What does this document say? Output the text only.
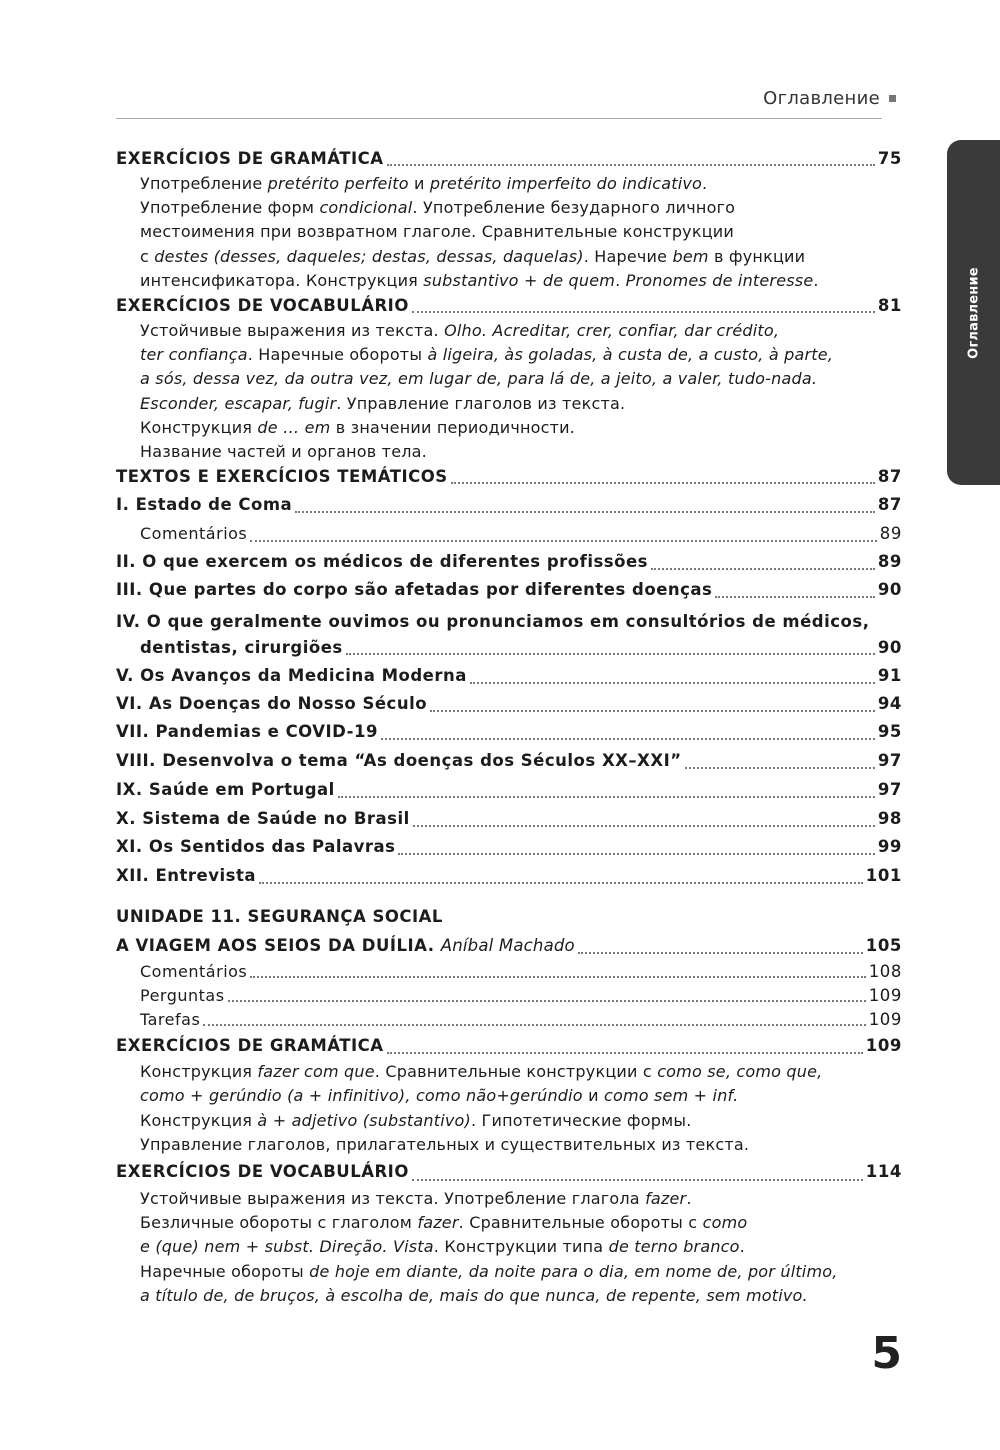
Оглавление
Оглавление
EXERCÍCIOS DE GRAMÁTICA	75
Употребление pretérito perfeito и pretérito imperfeito do indicativo.
Употребление форм condicional. Употребление безударного личного
местоимения при возвратном глаголе. Сравнительные конструкции
с destes (desses, daqueles; destas, dessas, daquelas). Наречие bem в функции
интенсификатора. Конструкция substantivo + de quem. Pronomes de interesse.
EXERCÍCIOS DE VOCABULÁRIO	81
Устойчивые выражения из текста. Olho. Acreditar, crer, confiar, dar crédito,
ter confiança. Наречные обороты à ligeira, às goladas, à custa de, a custo, à parte,
a sós, dessa vez, da outra vez, em lugar de, para lá de, a jeito, a valer, tudo-nada.
Esconder, escapar, fugir. Управление глаголов из текста.
Конструкция de … em в значении периодичности.
Название частей и органов тела.
TEXTOS E EXERCÍCIOS TEMÁTICOS	87
I. Estado de Coma	87
Comentários	89
II. O que exercem os médicos de diferentes profissões	89
III. Que partes do corpo são afetadas por diferentes doenças	90
IV. O que geralmente ouvimos ou pronunciamos em consultórios de médicos,
dentistas, cirurgiões	90
V. Os Avanços da Medicina Moderna	91
VI. As Doenças do Nosso Século	94
VII. Pandemias e COVID-19	95
VIII. Desenvolva o tema “As doenças dos Séculos XX–XXI”	97
IX. Saúde em Portugal	97
X. Sistema de Saúde no Brasil	98
XI. Os Sentidos das Palavras	99
XII. Entrevista	101
UNIDADE 11. SEGURANÇA SOCIAL
A VIAGEM AOS SEIOS DA DUÍLIA. Aníbal Machado	105
Comentários	108
Perguntas	109
Tarefas	109
EXERCÍCIOS DE GRAMÁTICA	109
Конструкция fazer com que. Сравнительные конструкции с como se, como que,
como + gerúndio (a + infinitivo), como não+gerúndio и como sem + inf.
Конструкция à + adjetivo (substantivo). Гипотетические формы.
Управление глаголов, прилагательных и существительных из текста.
EXERCÍCIOS DE VOCABULÁRIO	114
Устойчивые выражения из текста. Употребление глагола fazer.
Безличные обороты с глаголом fazer. Сравнительные обороты с como
e (que) nem + subst. Direção. Vista. Конструкции типа de terno branco.
Наречные обороты de hoje em diante, da noite para o dia, em nome de, por último,
a título de, de bruços, à escolha de, mais do que nunca, de repente, sem motivo.
5
